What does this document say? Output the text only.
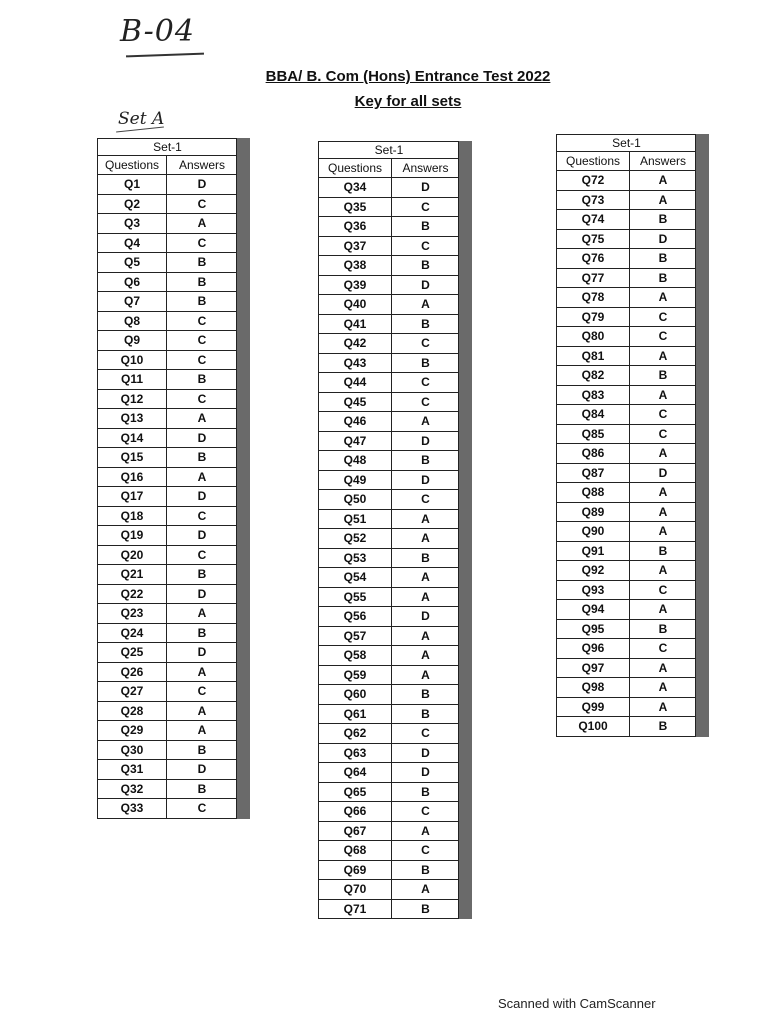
B-04
Set A
BBA/ B. Com (Hons) Entrance Test 2022
Key for all sets
Set-1	
Questions	Answers
Q1	D
Q2	C
Q3	A
Q4	C
Q5	B
Q6	B
Q7	B
Q8	C
Q9	C
Q10	C
Q11	B
Q12	C
Q13	A
Q14	D
Q15	B
Q16	A
Q17	D
Q18	C
Q19	D
Q20	C
Q21	B
Q22	D
Q23	A
Q24	B
Q25	D
Q26	A
Q27	C
Q28	A
Q29	A
Q30	B
Q31	D
Q32	B
Q33	C
Set-1	
Questions	Answers
Q34	D
Q35	C
Q36	B
Q37	C
Q38	B
Q39	D
Q40	A
Q41	B
Q42	C
Q43	B
Q44	C
Q45	C
Q46	A
Q47	D
Q48	B
Q49	D
Q50	C
Q51	A
Q52	A
Q53	B
Q54	A
Q55	A
Q56	D
Q57	A
Q58	A
Q59	A
Q60	B
Q61	B
Q62	C
Q63	D
Q64	D
Q65	B
Q66	C
Q67	A
Q68	C
Q69	B
Q70	A
Q71	B
Set-1	
Questions	Answers
Q72	A
Q73	A
Q74	B
Q75	D
Q76	B
Q77	B
Q78	A
Q79	C
Q80	C
Q81	A
Q82	B
Q83	A
Q84	C
Q85	C
Q86	A
Q87	D
Q88	A
Q89	A
Q90	A
Q91	B
Q92	A
Q93	C
Q94	A
Q95	B
Q96	C
Q97	A
Q98	A
Q99	A
Q100	B
Scanned with CamScanner
